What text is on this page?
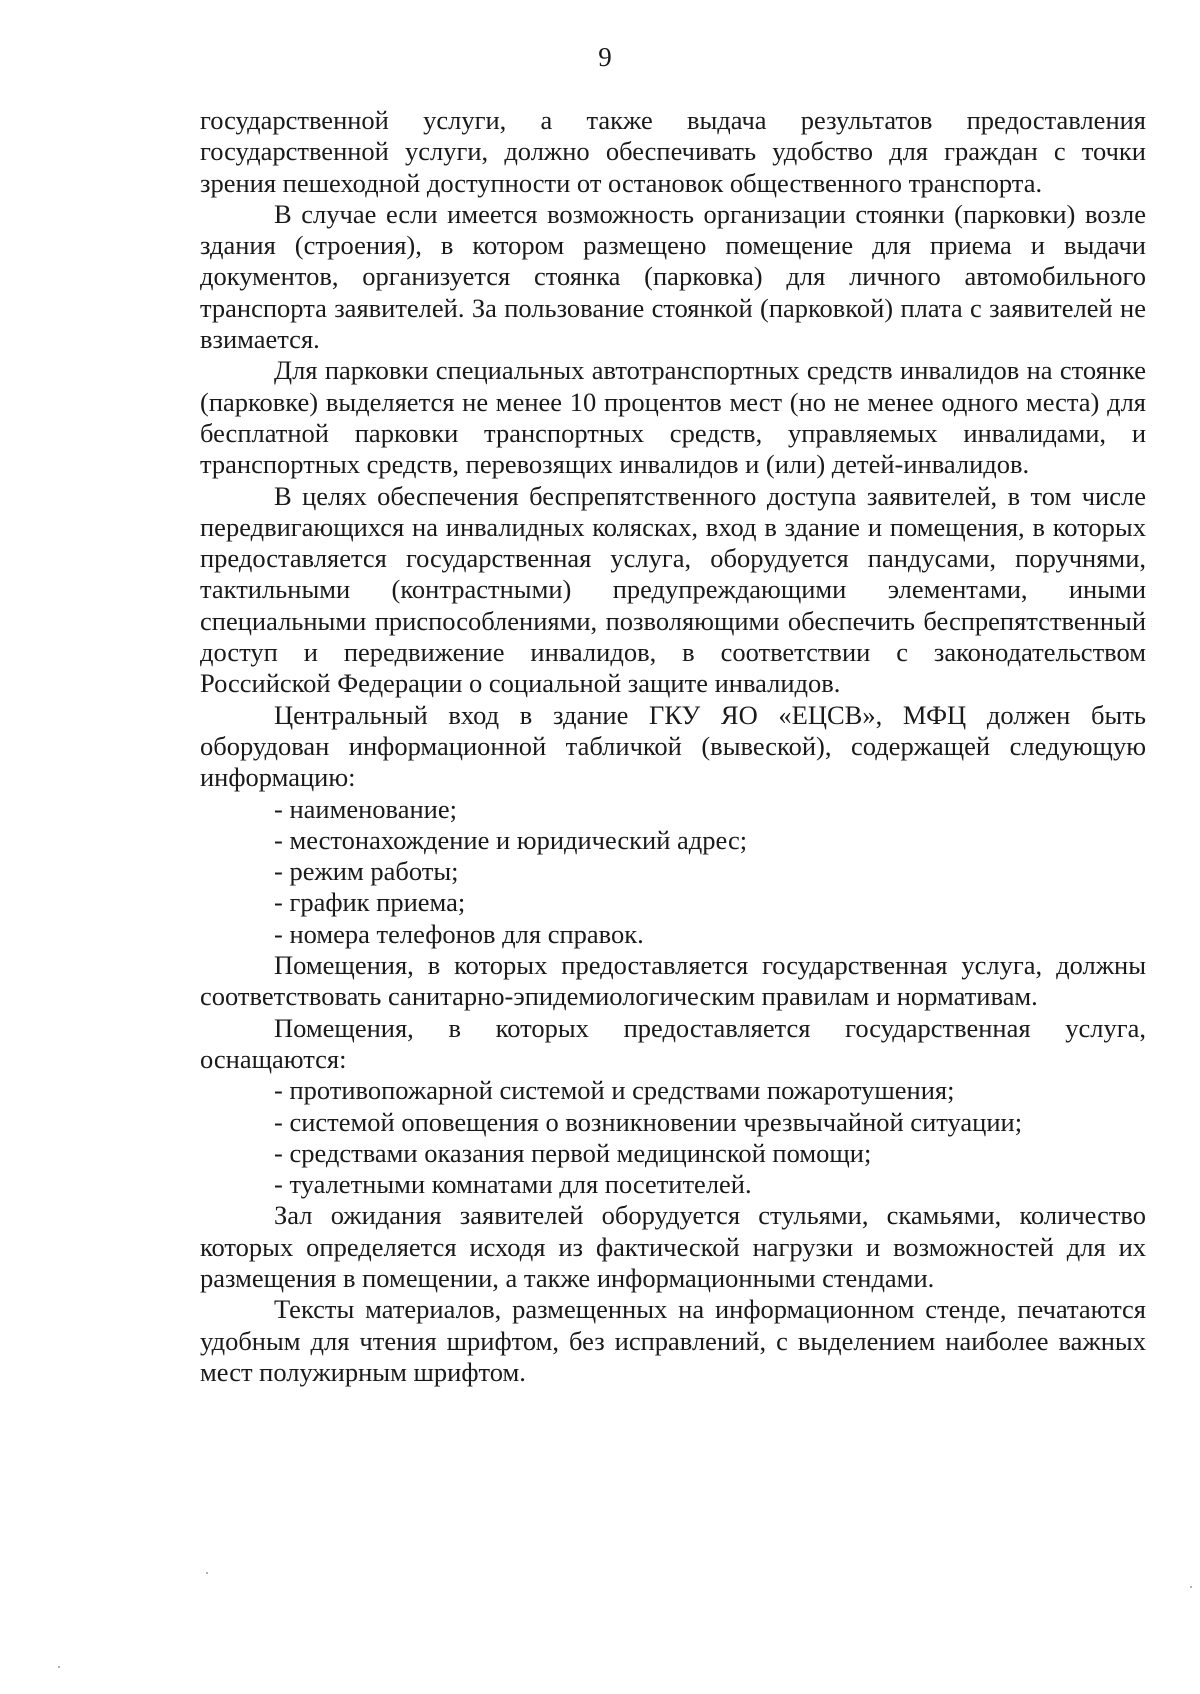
9

государственной услуги, а также выдача результатов предоставления государственной услуги, должно обеспечивать удобство для граждан с точки зрения пешеходной доступности от остановок общественного транспорта.

В случае если имеется возможность организации стоянки (парковки) возле здания (строения), в котором размещено помещение для приема и выдачи документов, организуется стоянка (парковка) для личного автомобильного транспорта заявителей. За пользование стоянкой (парковкой) плата с заявителей не взимается.

Для парковки специальных автотранспортных средств инвалидов на стоянке (парковке) выделяется не менее 10 процентов мест (но не менее одного места) для бесплатной парковки транспортных средств, управляемых инвалидами, и транспортных средств, перевозящих инвалидов и (или) детей-инвалидов.

В целях обеспечения беспрепятственного доступа заявителей, в том числе передвигающихся на инвалидных колясках, вход в здание и помещения, в которых предоставляется государственная услуга, оборудуется пандусами, поручнями, тактильными (контрастными) предупреждающими элементами, иными специальными приспособлениями, позволяющими обеспечить беспрепятственный доступ и передвижение инвалидов, в соответствии с законодательством Российской Федерации о социальной защите инвалидов.

Центральный вход в здание ГКУ ЯО «ЕЦСВ», МФЦ должен быть оборудован информационной табличкой (вывеской), содержащей следующую информацию:

- наименование;

- местонахождение и юридический адрес;

- режим работы;

- график приема;

- номера телефонов для справок.

Помещения, в которых предоставляется государственная услуга, должны соответствовать санитарно-эпидемиологическим правилам и нормативам.

Помещения, в которых предоставляется государственная услуга, оснащаются:

- противопожарной системой и средствами пожаротушения;

- системой оповещения о возникновении чрезвычайной ситуации;

- средствами оказания первой медицинской помощи;

- туалетными комнатами для посетителей.

Зал ожидания заявителей оборудуется стульями, скамьями, количество которых определяется исходя из фактической нагрузки и возможностей для их размещения в помещении, а также информационными стендами.

Тексты материалов, размещенных на информационном стенде, печатаются удобным для чтения шрифтом, без исправлений, с выделением наиболее важных мест полужирным шрифтом.
